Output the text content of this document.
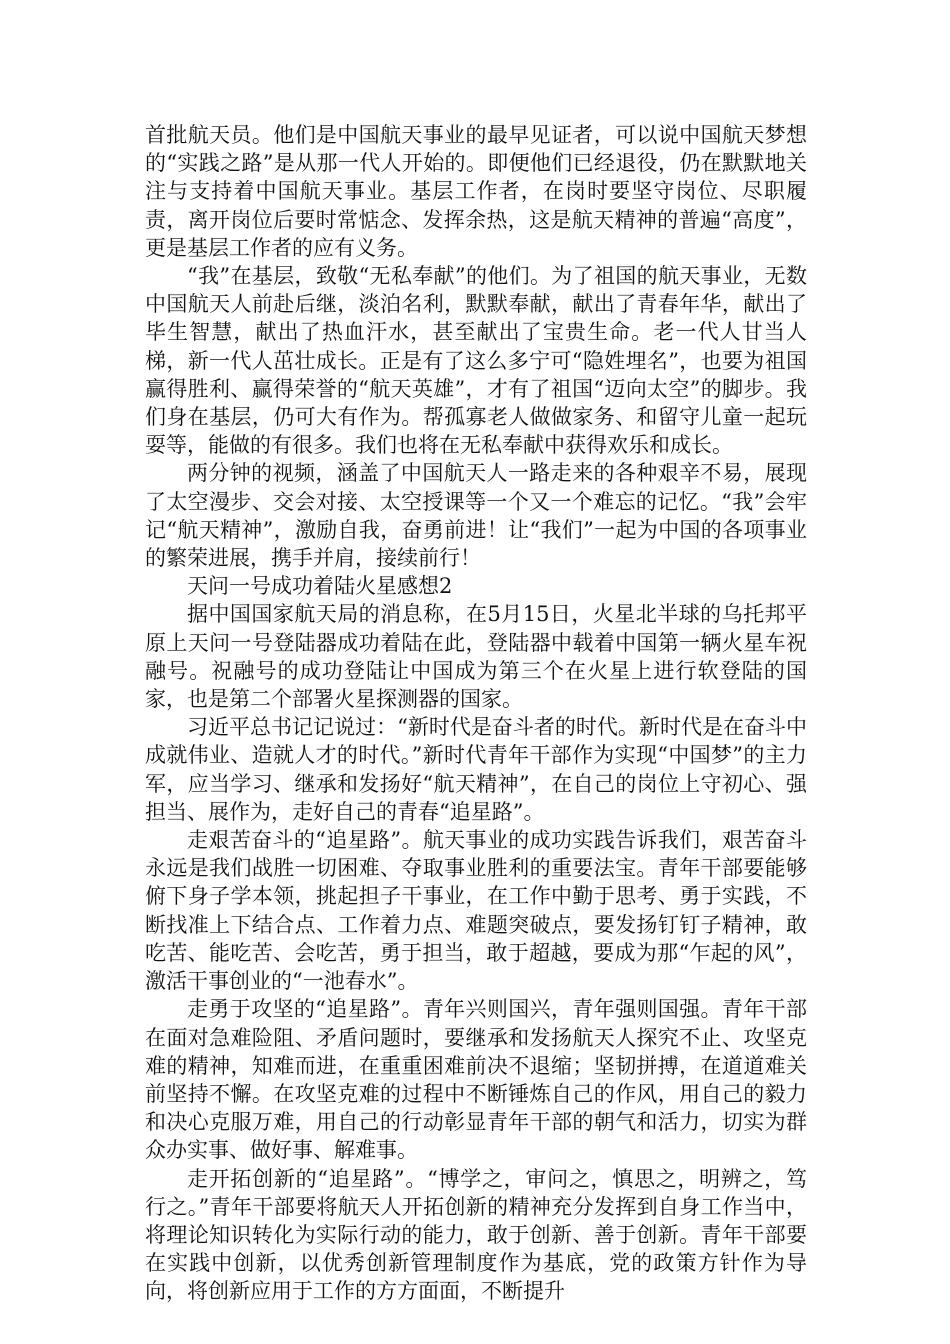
首批航天员。他们是中国航天事业的最早见证者，可以说中国航天梦想的“实践之路”是从那一代人开始的。即便他们已经退役，仍在默默地关注与支持着中国航天事业。基层工作者，在岗时要坚守岗位、尽职履责，离开岗位后要时常惦念、发挥余热，这是航天精神的普遍“高度”，更是基层工作者的应有义务。

“我”在基层，致敬“无私奉献”的他们。为了祖国的航天事业，无数中国航天人前赴后继，淡泊名利，默默奉献，献出了青春年华，献出了毕生智慧，献出了热血汗水，甚至献出了宝贵生命。老一代人甘当人梯，新一代人茁壮成长。正是有了这么多宁可“隐姓埋名”，也要为祖国赢得胜利、赢得荣誉的“航天英雄”，才有了祖国“迈向太空”的脚步。我们身在基层，仍可大有作为。帮孤寡老人做做家务、和留守儿童一起玩耍等，能做的有很多。我们也将在无私奉献中获得欢乐和成长。

两分钟的视频，涵盖了中国航天人一路走来的各种艰辛不易，展现了太空漫步、交会对接、太空授课等一个又一个难忘的记忆。“我”会牢记“航天精神”，激励自我，奋勇前进！让“我们”一起为中国的各项事业的繁荣进展，携手并肩，接续前行！

天问一号成功着陆火星感想2

据中国国家航天局的消息称，在5月15日，火星北半球的乌托邦平原上天问一号登陆器成功着陆在此，登陆器中载着中国第一辆火星车祝融号。祝融号的成功登陆让中国成为第三个在火星上进行软登陆的国家，也是第二个部署火星探测器的国家。

习近平总书记记说过：“新时代是奋斗者的时代。新时代是在奋斗中成就伟业、造就人才的时代。”新时代青年干部作为实现“中国梦”的主力军，应当学习、继承和发扬好“航天精神”，在自己的岗位上守初心、强担当、展作为，走好自己的青春“追星路”。

走艰苦奋斗的“追星路”。航天事业的成功实践告诉我们，艰苦奋斗永远是我们战胜一切困难、夺取事业胜利的重要法宝。青年干部要能够俯下身子学本领，挑起担子干事业，在工作中勤于思考、勇于实践，不断找准上下结合点、工作着力点、难题突破点，要发扬钉钉子精神，敢吃苦、能吃苦、会吃苦，勇于担当，敢于超越，要成为那“乍起的风”，激活干事创业的“一池春水”。

走勇于攻坚的“追星路”。青年兴则国兴，青年强则国强。青年干部在面对急难险阻、矛盾问题时，要继承和发扬航天人探究不止、攻坚克难的精神，知难而进，在重重困难前决不退缩；坚韧拼搏，在道道难关前坚持不懈。在攻坚克难的过程中不断锤炼自己的作风，用自己的毅力和决心克服万难，用自己的行动彰显青年干部的朝气和活力，切实为群众办实事、做好事、解难事。

走开拓创新的“追星路”。“博学之，审问之，慎思之，明辨之，笃行之。”青年干部要将航天人开拓创新的精神充分发挥到自身工作当中，将理论知识转化为实际行动的能力，敢于创新、善于创新。青年干部要在实践中创新，以优秀创新管理制度作为基底，党的政策方针作为导向，将创新应用于工作的方方面面，不断提升
